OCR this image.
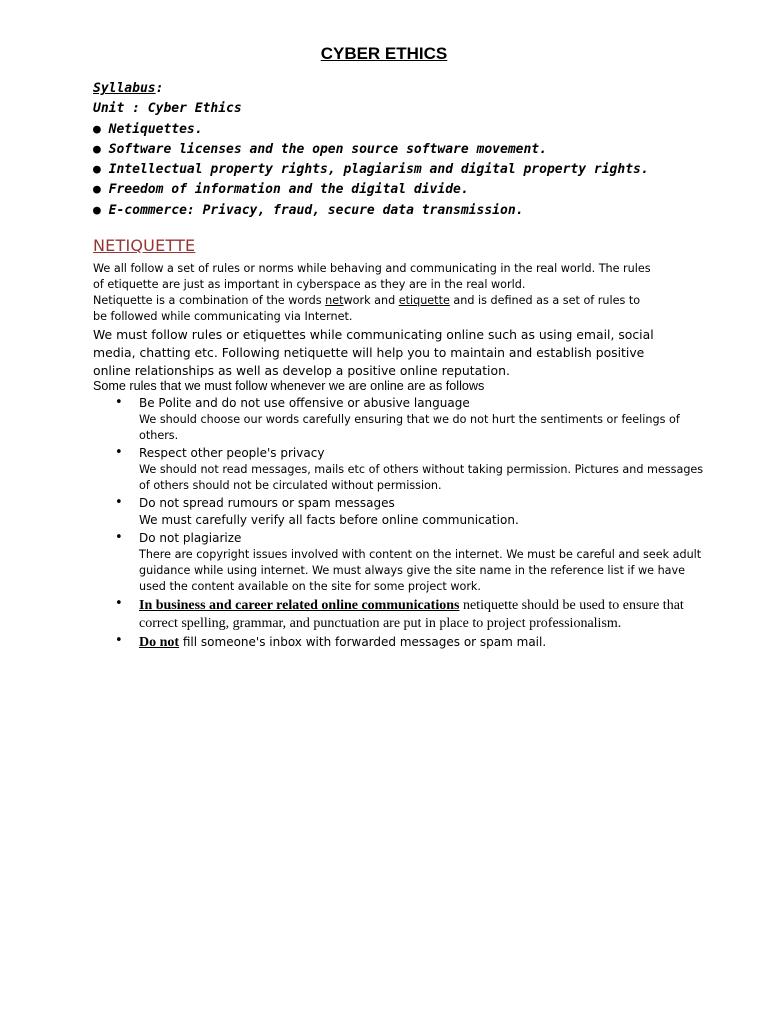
CYBER ETHICS
Syllabus:
Unit : Cyber Ethics
● Netiquettes.
● Software licenses and the open source software movement.
● Intellectual property rights, plagiarism and digital property rights.
● Freedom of information and the digital divide.
● E-commerce: Privacy, fraud, secure data transmission.
NETIQUETTE
We all follow a set of rules or norms while behaving and communicating in the real world. The rules of etiquette are just as important in cyberspace as they are in the real world.
Netiquette is a combination of the words network and etiquette and is defined as a set of rules to be followed while communicating via Internet.
We must follow rules or etiquettes while communicating online such as using email, social media, chatting etc. Following netiquette will help you to maintain and establish positive online relationships as well as develop a positive online reputation.
Some rules that we must follow whenever we are online are as follows
• Be Polite and do not use offensive or abusive language
We should choose our words carefully ensuring that we do not hurt the sentiments or feelings of others.
• Respect other people's privacy
We should not read messages, mails etc of others without taking permission. Pictures and messages of others should not be circulated without permission.
• Do not spread rumours or spam messages
We must carefully verify all facts before online communication.
• Do not plagiarize
There are copyright issues involved with content on the internet. We must be careful and seek adult guidance while using internet. We must always give the site name in the reference list if we have used the content available on the site for some project work.
• In business and career related online communications netiquette should be used to ensure that correct spelling, grammar, and punctuation are put in place to project professionalism.
• Do not fill someone's inbox with forwarded messages or spam mail.
